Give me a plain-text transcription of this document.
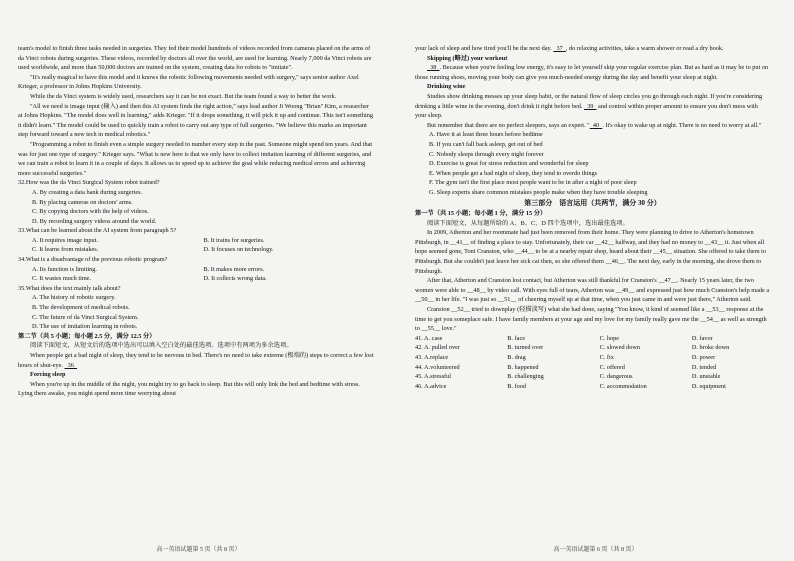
team's model to finish three tasks needed in surgeries. They fed their model hundreds of videos recorded from cameras placed on the arms of da Vinci robots during surgeries. These videos, recorded by doctors all over the world, are used for learning. Nearly 7,000 da Vinci robots are used worldwide, and more than 50,000 doctors are trained on the system, creating data for robots to "imitate".

"It's really magical to have this model and it knows the robotic following movements needed with surgery," says senior author Axel Krieger, a professor in Johns Hopkins University.

While the da Vinci system is widely used, researchers say it can be not exact. But the team found a way to better the work.

"All we need is image input (输入) and then this AI system finds the right action," says lead author Ji Woong "Brian" Kim, a researcher at Johns Hopkins. "The model does well in learning," adds Krieger. "If it drops something, it will pick it up and continue. This isn't something it didn't learn." The model could be used to quickly train a robot to carry out any type of full surgeries. "We believe this marks an important step forward toward a new tech in medical robotics."

"Programming a robot to finish even a simple surgery needed to number every step in the past. Someone might spend ten years. And that was for just one type of surgery." Krieger says. "What is new here is that we only have to collect imitation learning of different surgeries, and we can train a robot to learn it in a couple of days. It allows us to speed up to achieve the goal while reducing medical errors and achieving more successful surgeries."

32.How was the da Vinci Surgical System robot trained?

A. By creating a data bank during surgeries.

B. By placing cameras on doctors' arms.

C. By copying doctors with the help of videos.

D. By recording surgery videos around the world.

33.What can be learned about the AI system from paragraph 5?

A. It requires image input.	B. It trains for surgeries.
C. It learns from mistakes.	D. It focuses on technology.

34.What is a disadvantage of the previous robotic program?

A. Its function is limiting.	B. It makes more errors.
C. It wastes much time.	D. It collects wrong data.

35.What does the text mainly talk about?

A. The history of robotic surgery.

B. The development of medical robots.

C. The future of da Vinci Surgical System.

D. The use of imitation learning in robots.

第二节（共 5 小题；每小题 2.5 分，满分 12.5 分）

阅读下面短文，从短文后的选项中选出可以填入空白处的最佳选项。选项中有两项为多余选项。

When people get a bad night of sleep, they tend to be nervous in bed. There's no need to take extreme (极端的) steps to correct a few lost hours of shut-eye. 36

Forcing sleep

When you're up in the middle of the night, you might try to go back to sleep. But this will only link the bed and bedtime with stress. Lying there awake, you might spend more time worrying about

高一英语试题第 5 页（共 8 页）

your lack of sleep and how tired you'll be the next day. 37 , do relaxing activities, take a warm shower or read a dry book.

Skipping (略过) your workout

38 . Because when you're feeling low energy, it's easy to let yourself skip your regular exercise plan. But as hard as it may be to put on those running shoes, moving your body can give you much-needed energy during the day and benefit your sleep at night.

Drinking wine

Studies show drinking messes up your sleep habit, or the natural flow of sleep circles you go through each night. If you're considering drinking a little wine in the evening, don't drink it right before bed. 39 and control within proper amount to ensure you don't mess with your sleep.

But remember that there are no perfect sleepers, says an expert. " 40 . It's okay to wake up at night. There is no need to worry at all."

A. Have it at least three hours before bedtime

B. If you can't fall back asleep, get out of bed

C. Nobody sleeps through every night forever

D. Exercise is great for stress reduction and wonderful for sleep

E. When people get a bad night of sleep, they tend to overdo things

F. The gym isn't the first place most people want to be in after a night of poor sleep

G. Sleep experts share common mistakes people make when they have trouble sleeping

第三部分　语言运用（共两节，满分 30 分）

第一节（共 15 小题；每小题 1 分，满分 15 分）

阅读下面短文，从每题所给的 A、B、C、D 四个选项中，选出最佳选项。

In 2009, Atherton and her roommate had just been removed from their home. They were planning to drive to Atherton's hometown Pittsburgh, in __41__ of finding a place to stay. Unfortunately, their car __42__ halfway, and they had no money to __43__ it. Just when all hope seemed gone, Toni Cranston, who __44__ to be at a nearby repair shop, heard about their __45__ situation. She offered to take them to Pittsburgh. But she couldn't just leave her sick cat then, so she offered them __46__. The next day, early in the morning, she drove them to Pittsburgh.

After that, Atherton and Cranston lost contact, but Atherton was still thankful for Cranston's __47__. Nearly 15 years later, the two women were able to __48__ by video call. With eyes full of tears, Atherton was __49__ and expressed just how much Cranston's help made a __50__ in her life. "I was just so __51__ of cheering myself up at that time, when you just came in and were just there," Atherton said.

Cranston __52__ tried to downplay (轻描淡写) what she had done, saying "You know, it kind of seemed like a __53__ response at the time to get you someplace safe. I have family members at your age and my love for my family really gave me the __54__ as well as strength to __55__ love."

41. A. case	B. face	C. hope	D. favor
42. A. pulled over	B. turned over	C. slowed down	D. broke down
43. A.replace	B. drag	C. fix	D. power
44. A.volunteered	B. happened	C. offered	D. tended
45. A.stressful	B. challenging	C. dangerous	D. unstable
46. A.advice	B. food	C. accommodation	D. equipment
高一英语试题第 6 页（共 8 页）
